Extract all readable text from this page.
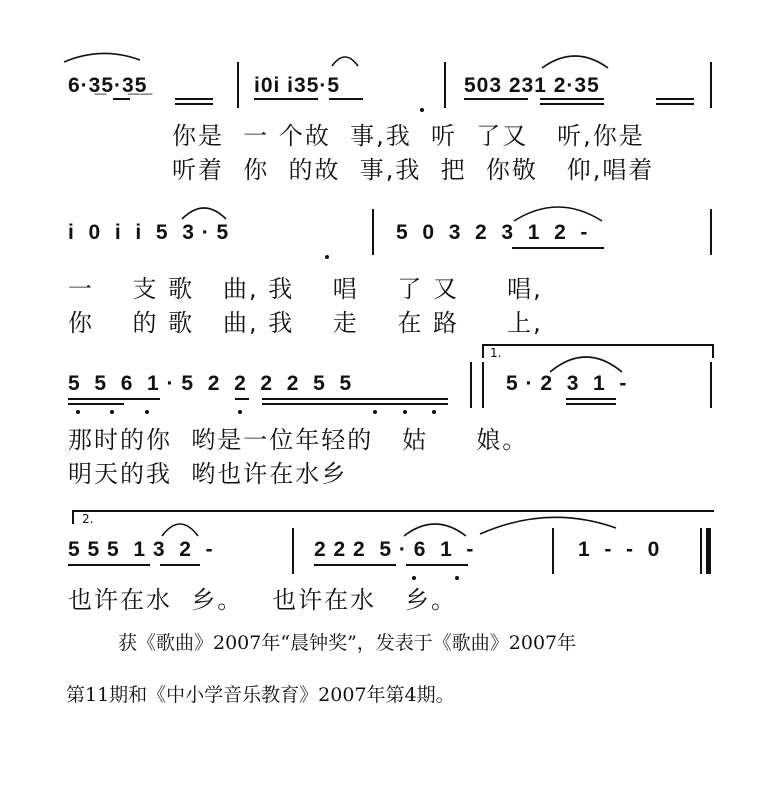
6·3̲5·3̲5̲	i0i i35·5	503 231 2·35
你是  一 个故  事,我  听  了又   听,你是
听着  你  的故  事,我  把  你敬   仰,唱着
i  0  i  i  5  3 · 5	5  0  3  2  3  1  2  -
一    支 歌   曲, 我    唱    了 又     唱,
你    的 歌   曲, 我    走    在 路     上,
1.
5  5  6  1 · 5  2  2  2  2  5  5	5 · 2  3  1  -
那时的你  哟是一位年轻的   姑     娘。
明天的我  哟也许在水乡
2.
5 5 5  1 3  2  -	2 2 2  5 · 6  1  -	1  -  -  0
也许在水  乡。   也许在水   乡。
获《歌曲》2007年“晨钟奖”，发表于《歌曲》2007年
第11期和《中小学音乐教育》2007年第4期。
